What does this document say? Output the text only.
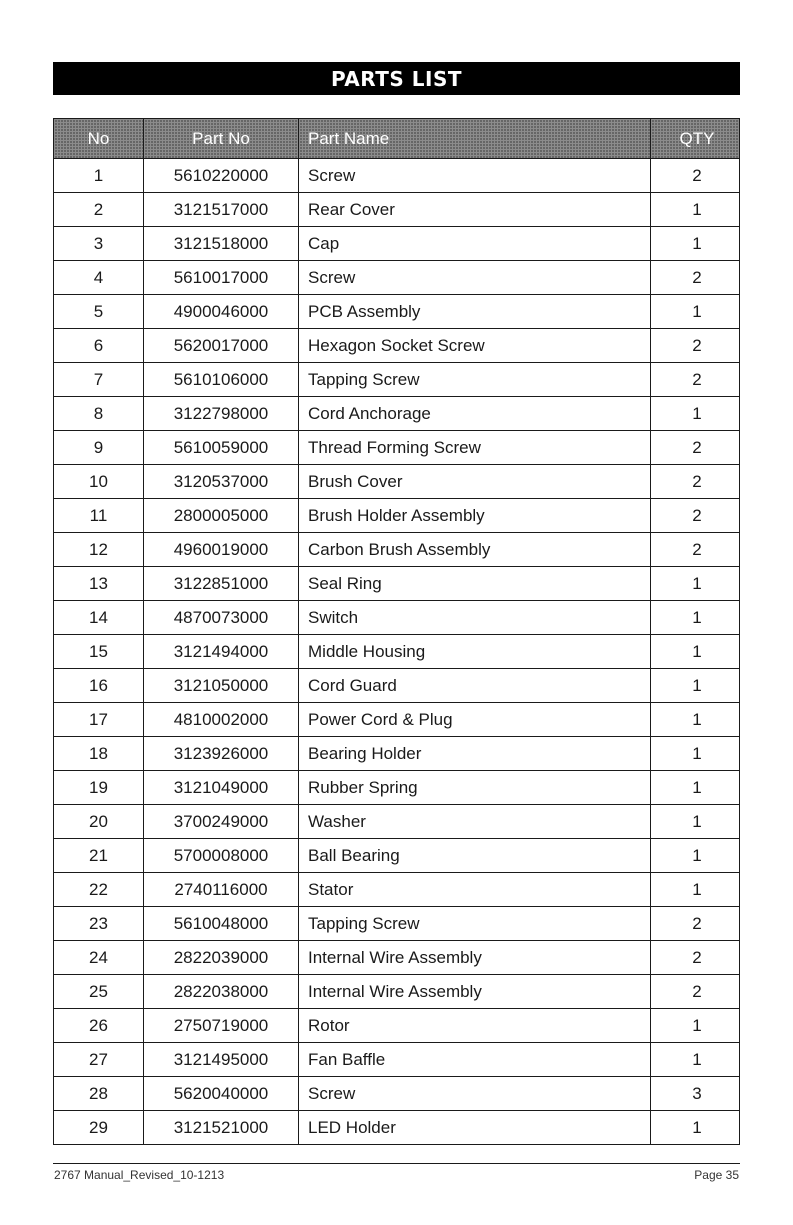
PARTS LIST
No	Part No	Part Name	QTY
1	5610220000	Screw	2
2	3121517000	Rear Cover	1
3	3121518000	Cap	1
4	5610017000	Screw	2
5	4900046000	PCB Assembly	1
6	5620017000	Hexagon Socket Screw	2
7	5610106000	Tapping Screw	2
8	3122798000	Cord Anchorage	1
9	5610059000	Thread Forming Screw	2
10	3120537000	Brush Cover	2
11	2800005000	Brush Holder Assembly	2
12	4960019000	Carbon Brush Assembly	2
13	3122851000	Seal Ring	1
14	4870073000	Switch	1
15	3121494000	Middle Housing	1
16	3121050000	Cord Guard	1
17	4810002000	Power Cord & Plug	1
18	3123926000	Bearing Holder	1
19	3121049000	Rubber Spring	1
20	3700249000	Washer	1
21	5700008000	Ball Bearing	1
22	2740116000	Stator	1
23	5610048000	Tapping Screw	2
24	2822039000	Internal Wire Assembly	2
25	2822038000	Internal Wire Assembly	2
26	2750719000	Rotor	1
27	3121495000	Fan Baffle	1
28	5620040000	Screw	3
29	3121521000	LED Holder	1
2767 Manual_Revised_10-1213	Page 35
